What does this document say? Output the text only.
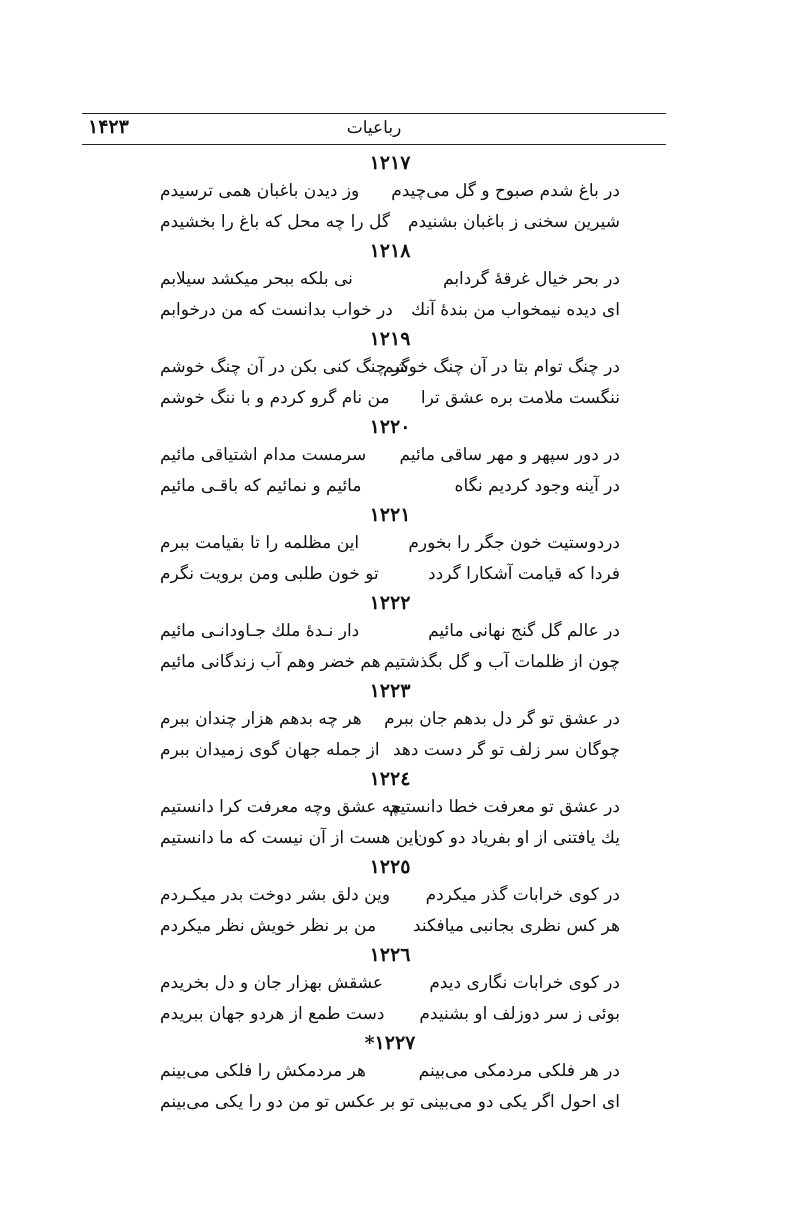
رباعیات
۱۴۲۳
۱۲۱۷
در باغ شدم صبوح و گل می‌چیدم
وز دیدن باغبان همی ترسیدم
شیرین سخنی ز باغبان بشنیدم
گل را چه محل که باغ را بخشیدم
۱۲۱۸
در بحر خیال غرقهٔ گردابم
نی بلکه ببحر میکشد سیلابم
ای دیده نیمخواب من بندهٔ آنك
در خواب بدانست که من درخوابم
۱۲۱۹
در چنگ توام بتا در آن چنگ خوشم
گر چنگ کنی بکن در آن چنگ خوشم
ننگست ملامت بره عشق ترا
من نام گرو کردم و با ننگ خوشم
۱۲۲۰
در دور سپهر و مهر ساقی مائیم
سرمست مدام اشتیاقی مائیم
در آینه وجود کردیم نگاه
مائیم و نمائیم که باقـی مائیم
۱۲۲۱
دردوستیت خون جگر را بخورم
این مظلمه را تا بقیامت ببرم
فردا که قیامت آشکارا گردد
تو خون طلبی ومن برویت نگرم
۱۲۲۲
در عالم گل گنج نهانی مائیم
دار نـدهٔ ملك جـاودانـی مائیم
چون از ظلمات آب و گل بگذشتیم
هم خضر وهم آب زندگانی مائیم
۱۲۲۳
در عشق تو گر دل بدهم جان ببرم
هر چه بدهم هزار چندان ببرم
چوگان سر زلف تو گر دست دهد
از جمله جهان گوی زمیدان ببرم
۱۲۲٤
در عشق تو معرفت خطا دانستیم
چه عشق وچه معرفت کرا دانستیم
یك یافتنی از او بفریاد دو کون
این هست از آن نیست که ما دانستیم
۱۲۲٥
در کوی خرابات گذر میکردم
وین دلق بشر دوخت بدر میکـردم
هر کس نظری بجانبی میافکند
من بر نظر خویش نظر میکردم
۱۲۲٦
در کوی خرابات نگاری دیدم
عشقش بهزار جان و دل بخریدم
بوئی ز سر دوزلف او بشنیدم
دست طمع از هردو جهان ببریدم
۱۲۲۷*
در هر فلکی مردمکی می‌بینم
هر مردمکش را فلکی می‌بینم
ای احول اگر یکی دو می‌بینی تو
بر عکس تو من دو را یکی می‌بینم
